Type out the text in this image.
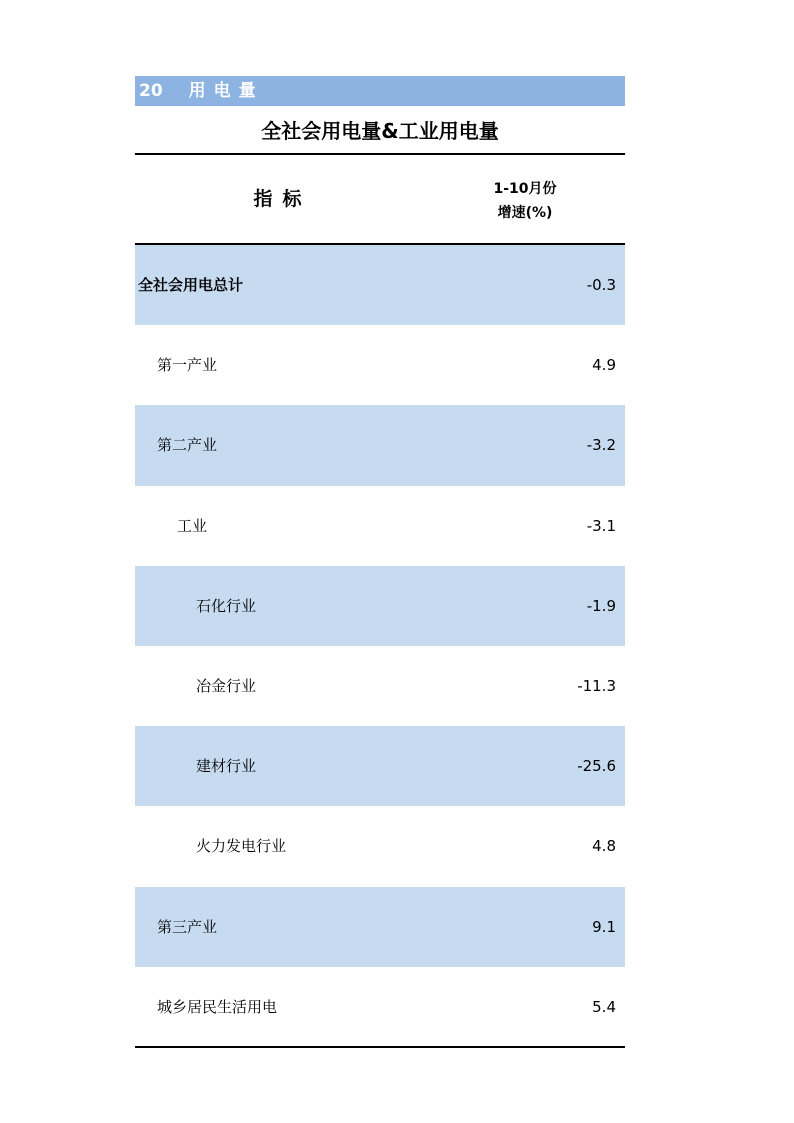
20 用电量
全社会用电量&工业用电量
指标	1-10月份
增速(%)
全社会用电总计	-0.3
第一产业	4.9
第二产业	-3.2
工业	-3.1
石化行业	-1.9
冶金行业	-11.3
建材行业	-25.6
火力发电行业	4.8
第三产业	9.1
城乡居民生活用电	5.4
